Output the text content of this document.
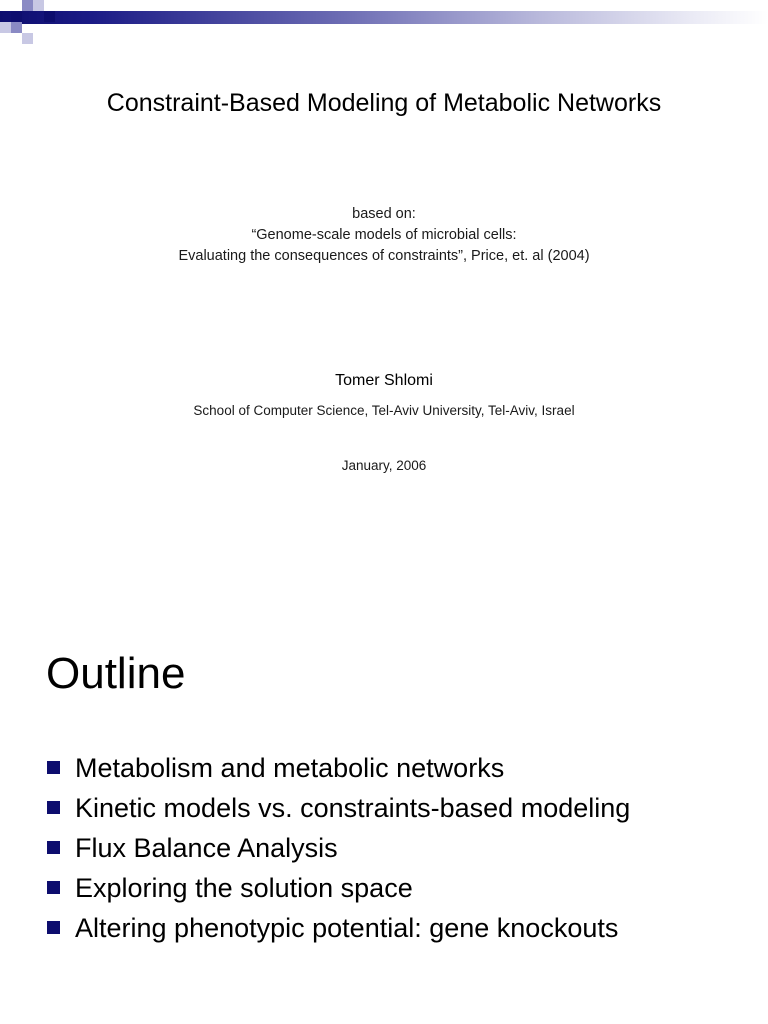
Constraint-Based Modeling of Metabolic Networks
based on:
“Genome-scale models of microbial cells:
Evaluating the consequences of constraints”, Price, et. al (2004)
Tomer Shlomi
School of Computer Science, Tel-Aviv University, Tel-Aviv, Israel
January, 2006
Outline
Metabolism and metabolic networks
Kinetic models vs. constraints-based modeling
Flux Balance Analysis
Exploring the solution space
Altering phenotypic potential: gene knockouts
